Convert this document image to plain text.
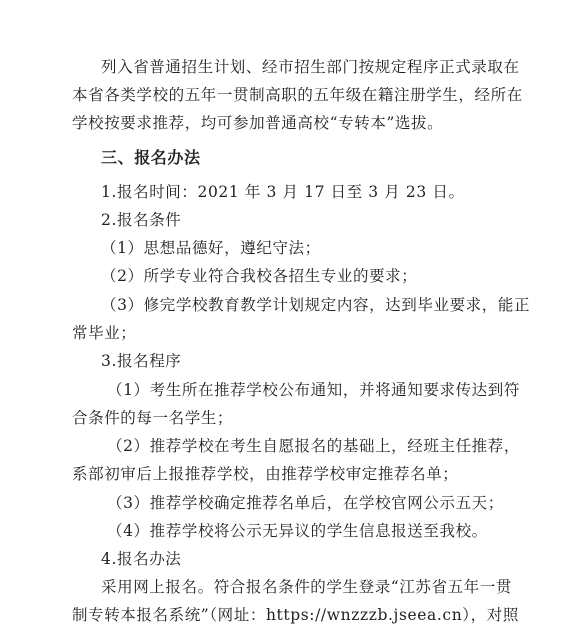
列入省普通招生计划、经市招生部门按规定程序正式录取在
本省各类学校的五年一贯制高职的五年级在籍注册学生，经所在
学校按要求推荐，均可参加普通高校“专转本”选拔。
三、报名办法
1.报名时间：2021 年 3 月 17 日至 3 月 23 日。
2.报名条件
（1）思想品德好，遵纪守法；
（2）所学专业符合我校各招生专业的要求；
（3）修完学校教育教学计划规定内容，达到毕业要求，能正
常毕业；
3.报名程序
（1）考生所在推荐学校公布通知，并将通知要求传达到符
合条件的每一名学生；
（2）推荐学校在考生自愿报名的基础上，经班主任推荐，
系部初审后上报推荐学校，由推荐学校审定推荐名单；
（3）推荐学校确定推荐名单后，在学校官网公示五天；
（4）推荐学校将公示无异议的学生信息报送至我校。
4.报名办法
采用网上报名。符合报名条件的学生登录“江苏省五年一贯
制专转本报名系统”（网址：https://wnzzzb.jseea.cn），对照
